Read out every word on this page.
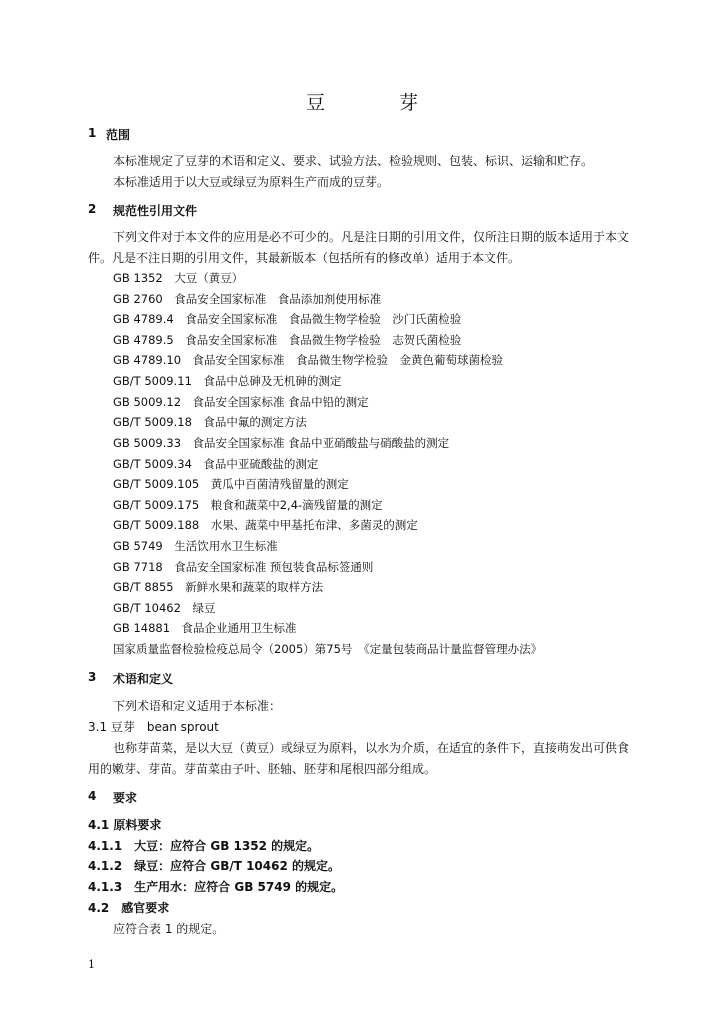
豆 芽
1 范围
本标准规定了豆芽的术语和定义、要求、试验方法、检验规则、包装、标识、运输和贮存。
本标准适用于以大豆或绿豆为原料生产而成的豆芽。
2 规范性引用文件
下列文件对于本文件的应用是必不可少的。凡是注日期的引用文件，仅所注日期的版本适用于本文
件。凡是不注日期的引用文件，其最新版本（包括所有的修改单）适用于本文件。
GB 1352　大豆（黄豆）
GB 2760　食品安全国家标准　食品添加剂使用标准
GB 4789.4　食品安全国家标准　食品微生物学检验　沙门氏菌检验
GB 4789.5　食品安全国家标准　食品微生物学检验　志贺氏菌检验
GB 4789.10　食品安全国家标准　食品微生物学检验　金黄色葡萄球菌检验
GB/T 5009.11　食品中总砷及无机砷的测定
GB 5009.12　食品安全国家标准 食品中铅的测定
GB/T 5009.18　食品中氟的测定方法
GB 5009.33　食品安全国家标准 食品中亚硝酸盐与硝酸盐的测定
GB/T 5009.34　食品中亚硫酸盐的测定
GB/T 5009.105　黄瓜中百菌清残留量的测定
GB/T 5009.175　粮食和蔬菜中2,4-滴残留量的测定
GB/T 5009.188　水果、蔬菜中甲基托布津、多菌灵的测定
GB 5749　生活饮用水卫生标准
GB 7718　食品安全国家标准 预包装食品标签通则
GB/T 8855　新鲜水果和蔬菜的取样方法
GB/T 10462　绿豆
GB 14881　食品企业通用卫生标准
国家质量监督检验检疫总局令（2005）第75号　《定量包装商品计量监督管理办法》
3 术语和定义
下列术语和定义适用于本标准：
3.1 豆芽　bean sprout
也称芽苗菜，是以大豆（黄豆）或绿豆为原料，以水为介质，在适宜的条件下，直接萌发出可供食
用的嫩芽、芽苗。芽苗菜由子叶、胚轴、胚芽和尾根四部分组成。
4 要求
4.1 原料要求
4.1.1　大豆：应符合 GB 1352 的规定。
4.1.2　绿豆：应符合 GB/T 10462 的规定。
4.1.3　生产用水：应符合 GB 5749 的规定。
4.2　感官要求
应符合表 1 的规定。
1
